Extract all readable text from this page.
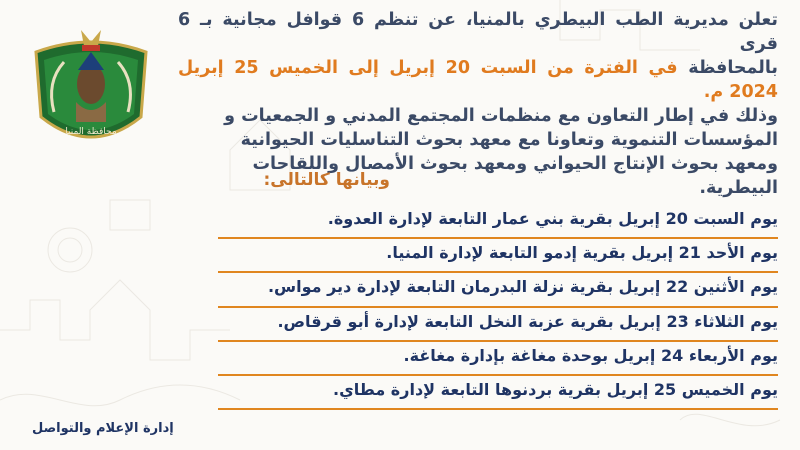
تعلن مديرية الطب البيطري بالمنيا، عن تنظم 6 قوافل مجانية بـ 6 قرى
بالمحافظة في الفترة من السبت 20 إبريل إلى الخميس 25 إبريل 2024 م.
وذلك في إطار التعاون مع منظمات المجتمع المدني و الجمعيات و
المؤسسات التنموية وتعاونا مع معهد بحوث التناسليات الحيوانية
ومعهد بحوث الإنتاج الحيواني ومعهد بحوث الأمصال واللقاحات
البيطرية.
محافظة المنيا
وبيانها كالتالى:
يوم السبت 20 إبريل بقرية بني عمار التابعة لإدارة العدوة.
يوم الأحد 21 إبريل بقرية إدمو التابعة لإدارة المنيا.
يوم الأثنين 22 إبريل بقرية نزلة البدرمان التابعة لإدارة دير مواس.
يوم الثلاثاء 23 إبريل بقرية عزبة النخل التابعة لإدارة أبو قرقاص.
يوم الأربعاء 24 إبريل بوحدة مغاغة بإدارة مغاغة.
يوم الخميس 25 إبريل بقرية بردنوها التابعة لإدارة مطاي.
إدارة الإعلام والتواصل
